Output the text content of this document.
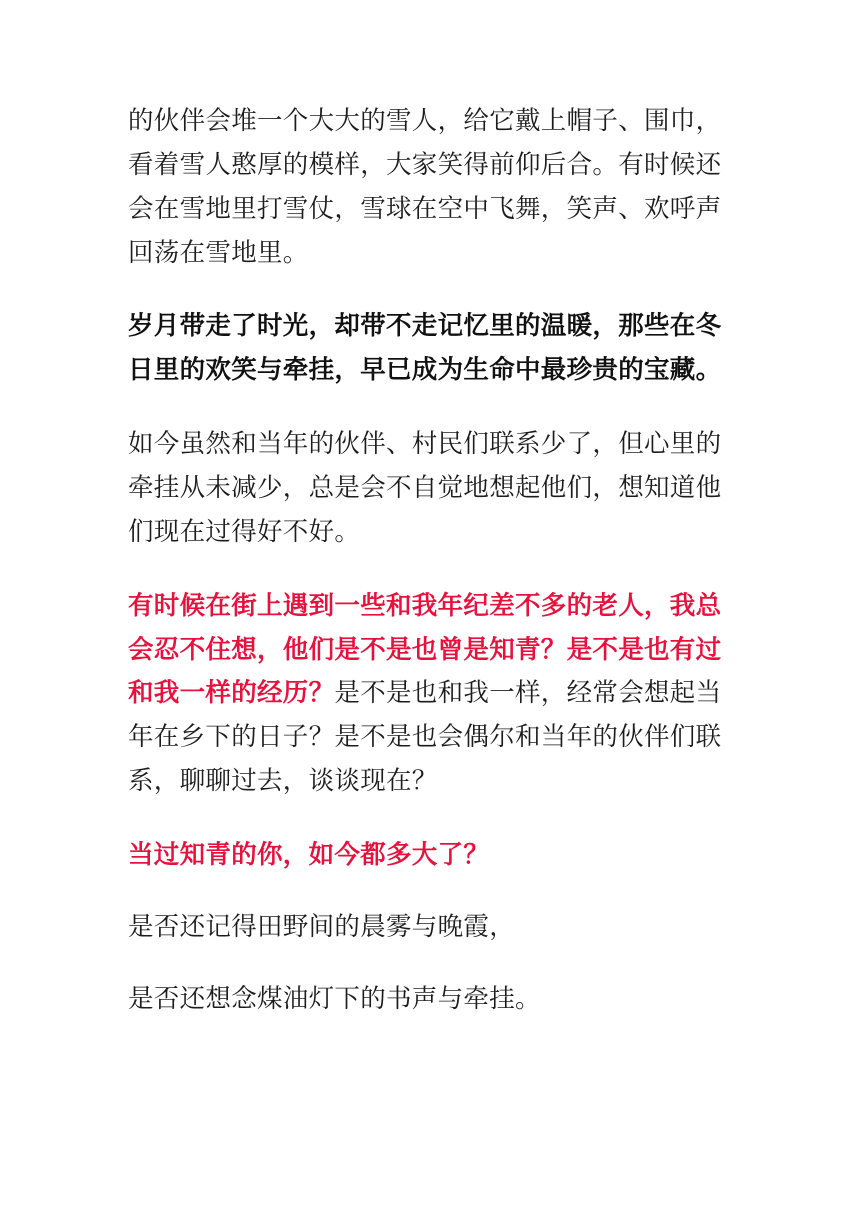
的伙伴会堆一个大大的雪人，给它戴上帽子、围巾，看着雪人憨厚的模样，大家笑得前仰后合。有时候还会在雪地里打雪仗，雪球在空中飞舞，笑声、欢呼声回荡在雪地里。

岁月带走了时光，却带不走记忆里的温暖，那些在冬日里的欢笑与牵挂，早已成为生命中最珍贵的宝藏。

如今虽然和当年的伙伴、村民们联系少了，但心里的牵挂从未减少，总是会不自觉地想起他们，想知道他们现在过得好不好。

有时候在街上遇到一些和我年纪差不多的老人，我总会忍不住想，他们是不是也曾是知青？是不是也有过和我一样的经历？是不是也和我一样，经常会想起当年在乡下的日子？是不是也会偶尔和当年的伙伴们联系，聊聊过去，谈谈现在？

当过知青的你，如今都多大了？

是否还记得田野间的晨雾与晚霞，

是否还想念煤油灯下的书声与牵挂。
